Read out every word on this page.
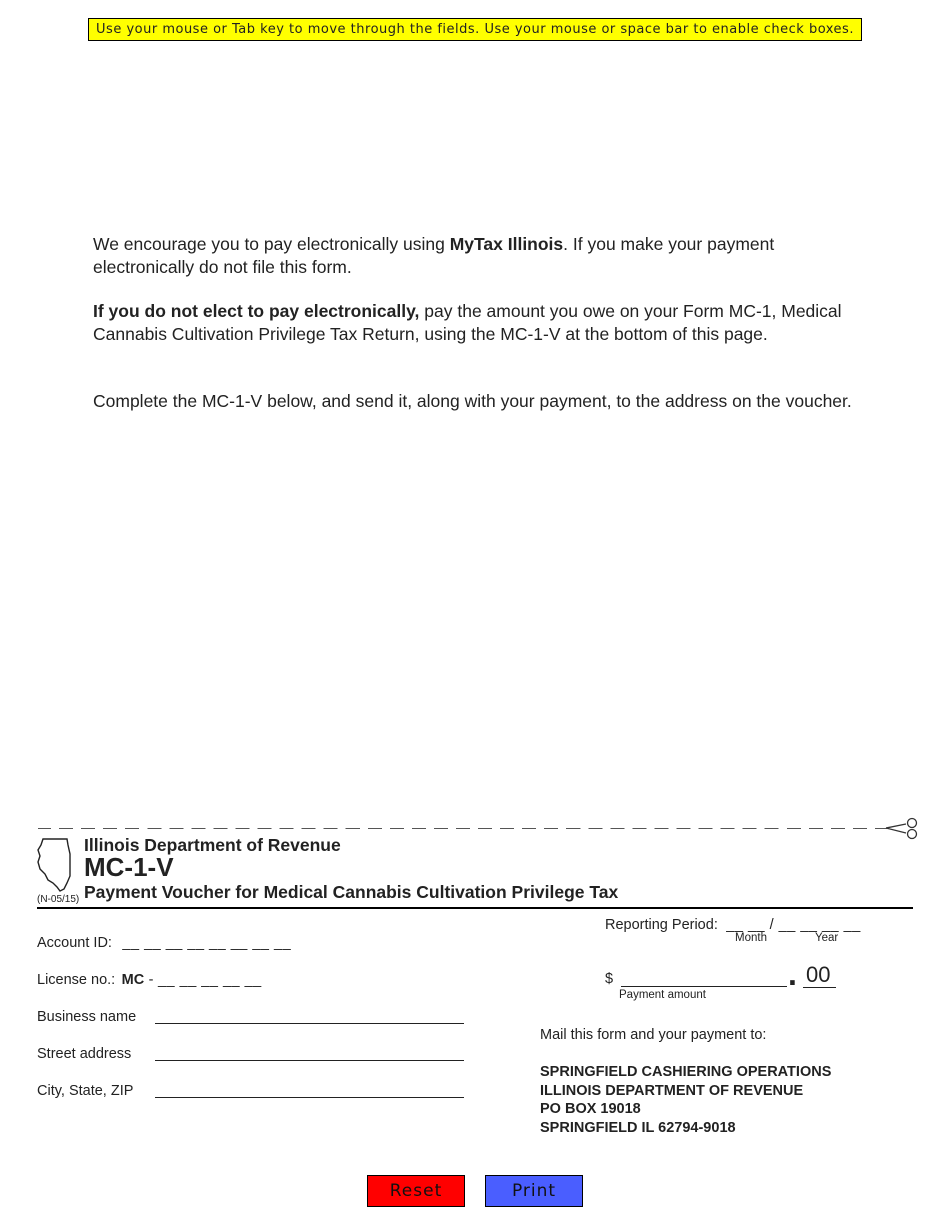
Use your mouse or Tab key to move through the fields. Use your mouse or space bar to enable check boxes.

We encourage you to pay electronically using MyTax Illinois. If you make your payment electronically do not file this form.

If you do not elect to pay electronically, pay the amount you owe on your Form MC-1, Medical Cannabis Cultivation Privilege Tax Return, using the MC-1-V at the bottom of this page.

Complete the MC-1-V below, and send it, along with your payment, to the address on the voucher.

(N-05/15)
Illinois Department of Revenue
MC-1-V
Payment Voucher for Medical Cannabis Cultivation Privilege Tax
Account ID: __ __ __ __ __ __ __ __
License no.: MC - __ __ __ __ __
Business name
Street address
City, State, ZIP
Reporting Period: __ __ / __ __ __ __
Month	Year
$	. 00
Payment amount
Mail this form and your payment to:
SPRINGFIELD CASHIERING OPERATIONS
ILLINOIS DEPARTMENT OF REVENUE
PO BOX 19018
SPRINGFIELD IL 62794-9018
Reset	Print
